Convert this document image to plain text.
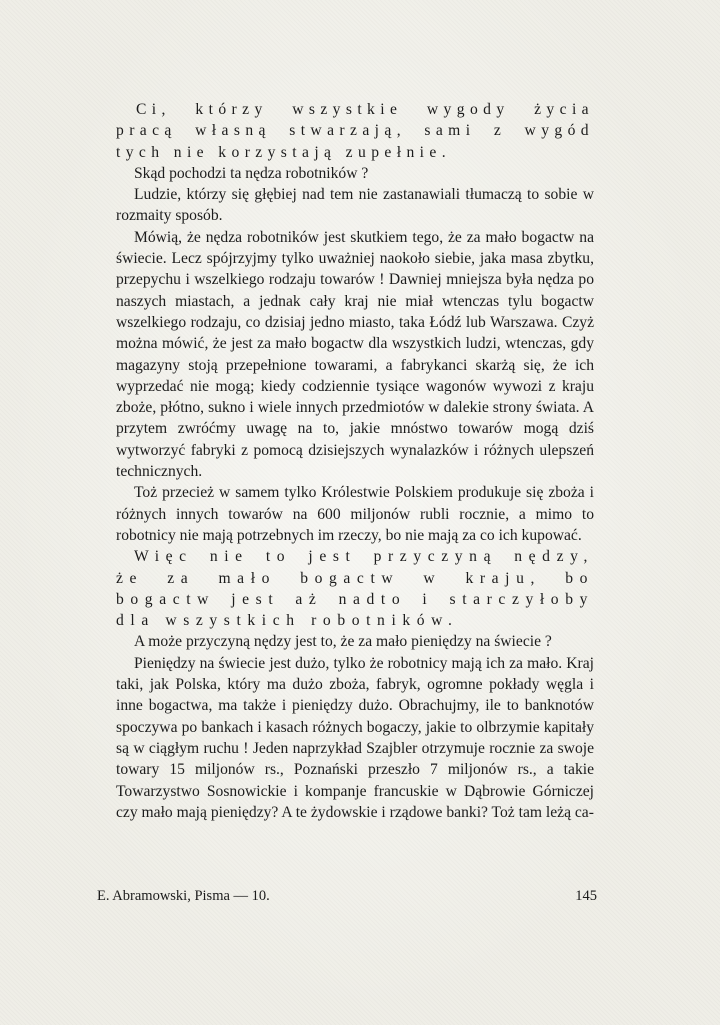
Ci, którzy wszystkie wygody życia pracą własną stwarzają, sami z wygód tych nie korzystają zupełnie.

Skąd pochodzi ta nędza robotników ?

Ludzie, którzy się głębiej nad tem nie zastanawiali tłumaczą to sobie w rozmaity sposób.

Mówią, że nędza robotników jest skutkiem tego, że za mało bogactw na świecie. Lecz spójrzyjmy tylko uważniej naokoło siebie, jaka masa zbytku, przepychu i wszelkiego rodzaju towarów ! Dawniej mniejsza była nędza po naszych miastach, a jednak cały kraj nie miał wtenczas tylu bogactw wszelkiego rodzaju, co dzisiaj jedno miasto, taka Łódź lub Warszawa. Czyż można mówić, że jest za mało bogactw dla wszystkich ludzi, wtenczas, gdy magazyny stoją przepełnione towarami, a fabrykanci skarżą się, że ich wyprzedać nie mogą; kiedy codziennie tysiące wagonów wywozi z kraju zboże, płótno, sukno i wiele innych przedmiotów w dalekie strony świata. A przytem zwróćmy uwagę na to, jakie mnóstwo towarów mogą dziś wytworzyć fabryki z pomocą dzisiejszych wynalazków i różnych ulepszeń technicznych.

Toż przecież w samem tylko Królestwie Polskiem produkuje się zboża i różnych innych towarów na 600 miljonów rubli rocznie, a mimo to robotnicy nie mają potrzebnych im rzeczy, bo nie mają za co ich kupować.

Więc nie to jest przyczyną nędzy, że za mało bogactw w kraju, bo bogactw jest aż nadto i starczyłoby dla wszystkich robotników.

A może przyczyną nędzy jest to, że za mało pieniędzy na świecie ?

Pieniędzy na świecie jest dużo, tylko że robotnicy mają ich za mało. Kraj taki, jak Polska, który ma dużo zboża, fabryk, ogromne pokłady węgla i inne bogactwa, ma także i pieniędzy dużo. Obrachujmy, ile to banknotów spoczywa po bankach i kasach różnych bogaczy, jakie to olbrzymie kapitały są w ciągłym ruchu ! Jeden naprzykład Szajbler otrzymuje rocznie za swoje towary 15 miljonów rs., Poznański przeszło 7 miljonów rs., a takie Towarzystwo Sosnowickie i kompanje francuskie w Dąbrowie Górniczej czy mało mają pieniędzy? A te żydowskie i rządowe banki? Toż tam leżą ca-

E. Abramowski, Pisma — 10.	145
